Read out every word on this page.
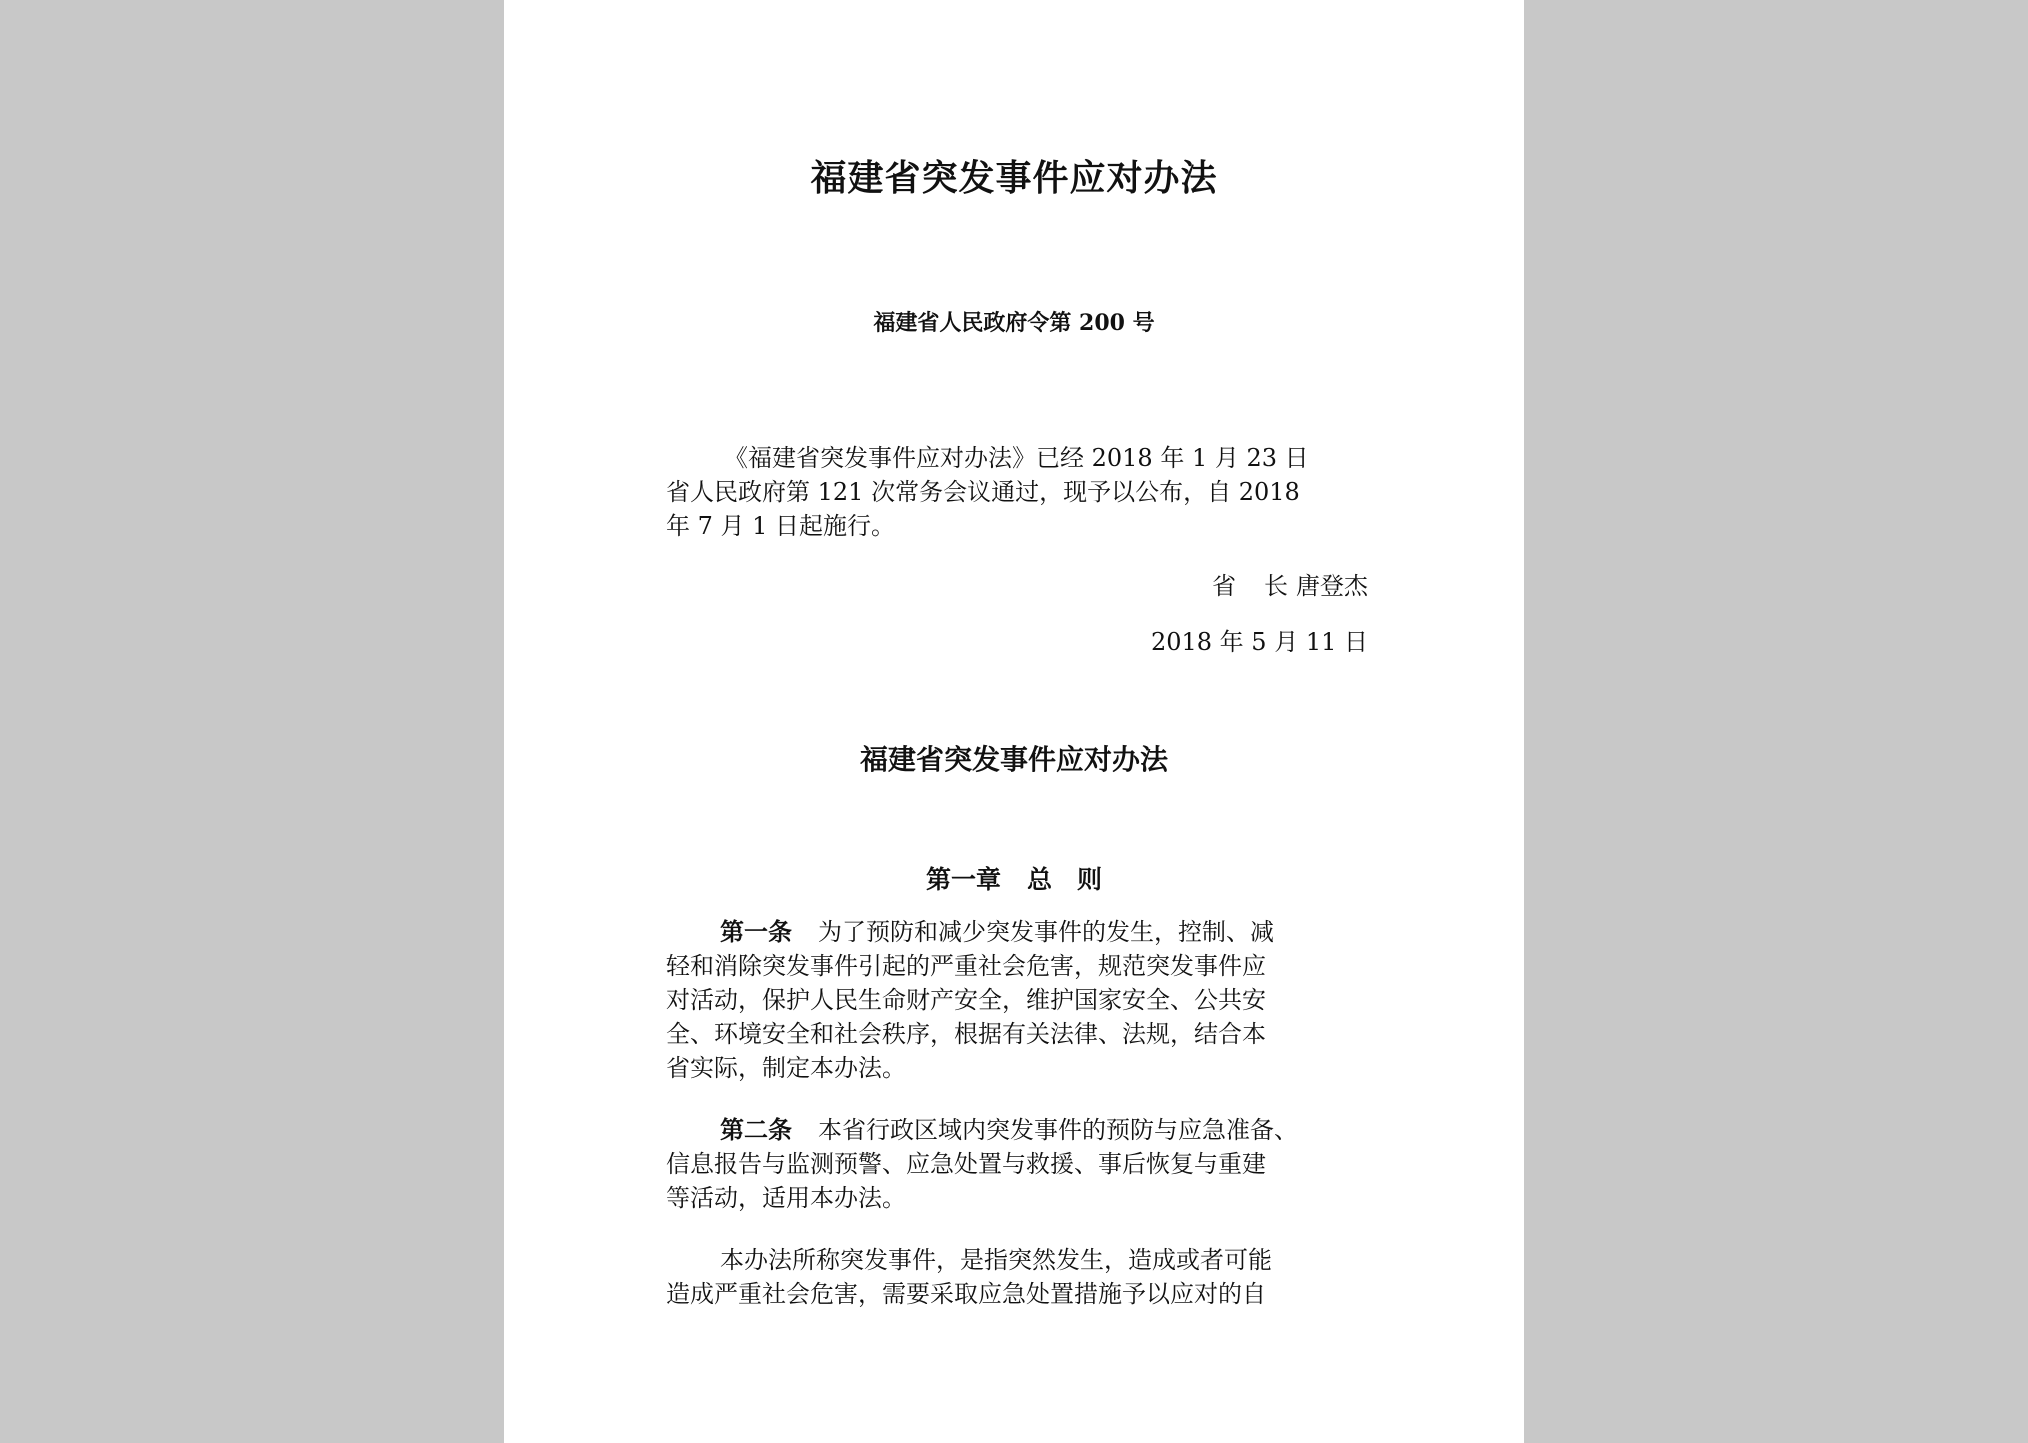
福建省突发事件应对办法
福建省人民政府令第 200 号
《福建省突发事件应对办法》已经 2018 年 1 月 23 日
省人民政府第 121 次常务会议通过，现予以公布，自 2018
年 7 月 1 日起施行。
省 长 唐登杰
2018 年 5 月 11 日
福建省突发事件应对办法
第一章 总　则
第一条 为了预防和减少突发事件的发生，控制、减
轻和消除突发事件引起的严重社会危害，规范突发事件应
对活动，保护人民生命财产安全，维护国家安全、公共安
全、环境安全和社会秩序，根据有关法律、法规，结合本
省实际，制定本办法。
第二条 本省行政区域内突发事件的预防与应急准备、
信息报告与监测预警、应急处置与救援、事后恢复与重建
等活动，适用本办法。
本办法所称突发事件，是指突然发生，造成或者可能
造成严重社会危害，需要采取应急处置措施予以应对的自
